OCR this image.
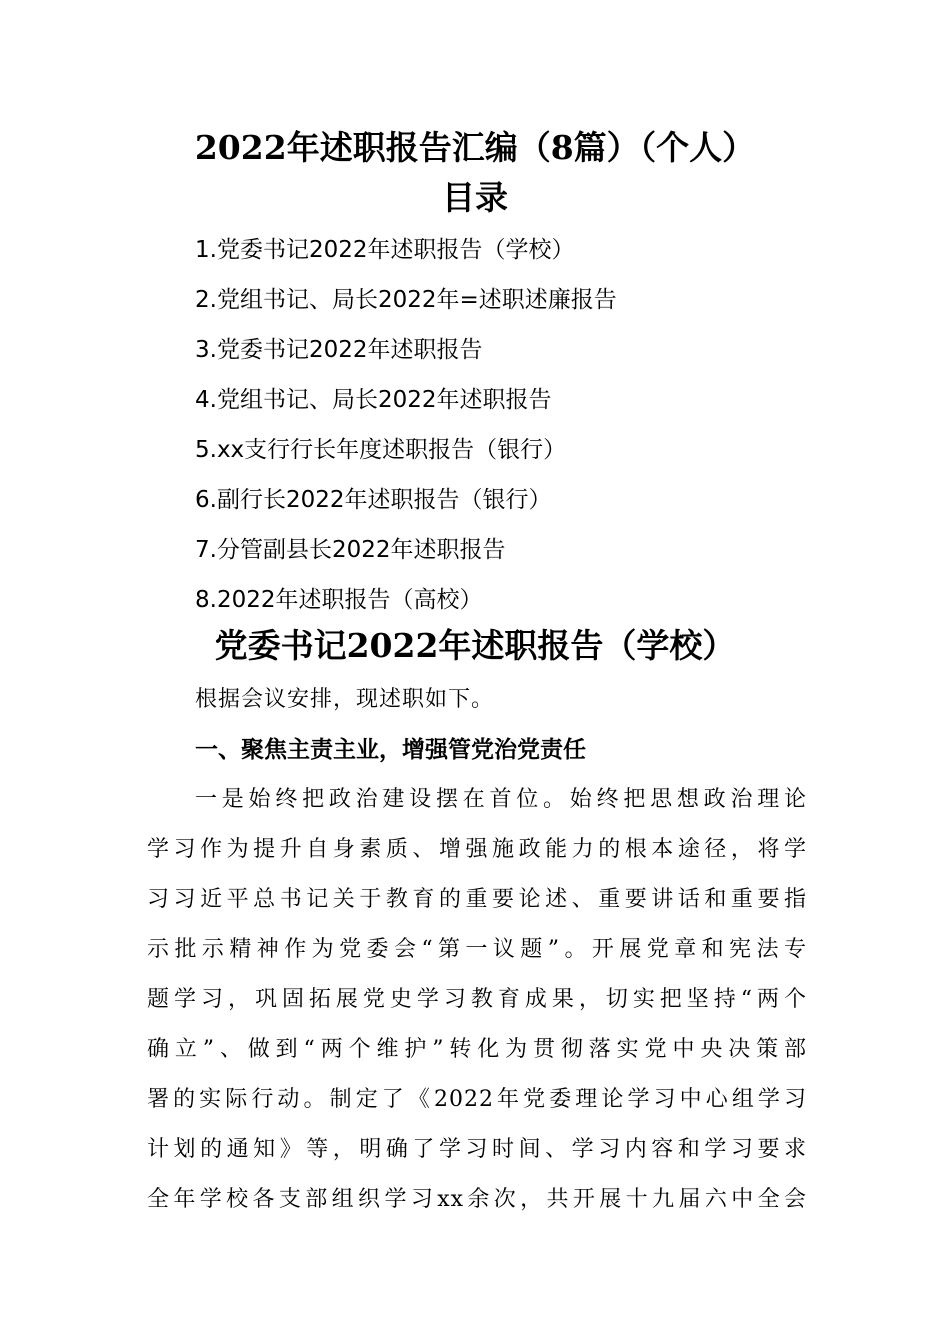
2022年述职报告汇编（8篇）（个人）
目录
1.党委书记2022年述职报告（学校）
2.党组书记、局长2022年=述职述廉报告
3.党委书记2022年述职报告
4.党组书记、局长2022年述职报告
5.xx支行行长年度述职报告（银行）
6.副行长2022年述职报告（银行）
7.分管副县长2022年述职报告
8.2022年述职报告（高校）
党委书记2022年述职报告（学校）
根据会议安排，现述职如下。
一、聚焦主责主业，增强管党治党责任
一是始终把政治建设摆在首位。始终把思想政治理论
学习作为提升自身素质、增强施政能力的根本途径，将学
习习近平总书记关于教育的重要论述、重要讲话和重要指
示批示精神作为党委会“第一议题”。开展党章和宪法专
题学习，巩固拓展党史学习教育成果，切实把坚持“两个
确立”、做到“两个维护”转化为贯彻落实党中央决策部
署的实际行动。制定了《2022年党委理论学习中心组学习
计划的通知》等，明确了学习时间、学习内容和学习要求
全年学校各支部组织学习xx余次，共开展十九届六中全会
